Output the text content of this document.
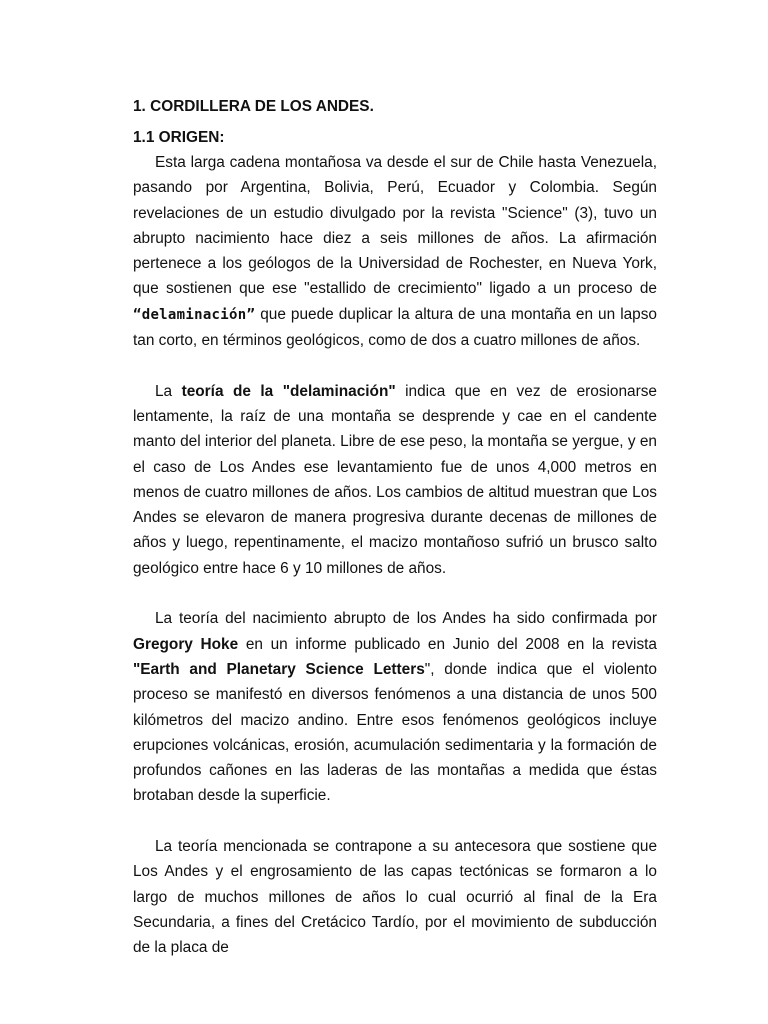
1. CORDILLERA DE LOS ANDES.

1.1 ORIGEN:

Esta larga cadena montañosa va desde el sur de Chile hasta Venezuela, pasando por Argentina, Bolivia, Perú, Ecuador y Colombia. Según revelaciones de un estudio divulgado por la revista "Science" (3), tuvo un abrupto nacimiento hace diez a seis millones de años. La afirmación pertenece a los geólogos de la Universidad de Rochester, en Nueva York, que sostienen que ese "estallido de crecimiento" ligado a un proceso de “delaminación” que puede duplicar la altura de una montaña en un lapso tan corto, en términos geológicos, como de dos a cuatro millones de años.

La teoría de la "delaminación" indica que en vez de erosionarse lentamente, la raíz de una montaña se desprende y cae en el candente manto del interior del planeta. Libre de ese peso, la montaña se yergue, y en el caso de Los Andes ese levantamiento fue de unos 4,000 metros en menos de cuatro millones de años. Los cambios de altitud muestran que Los Andes se elevaron de manera progresiva durante decenas de millones de años y luego, repentinamente, el macizo montañoso sufrió un brusco salto geológico entre hace 6 y 10 millones de años.

La teoría del nacimiento abrupto de los Andes ha sido confirmada por Gregory Hoke en un informe publicado en Junio del 2008 en la revista "Earth and Planetary Science Letters", donde indica que el violento proceso se manifestó en diversos fenómenos a una distancia de unos 500 kilómetros del macizo andino. Entre esos fenómenos geológicos incluye erupciones volcánicas, erosión, acumulación sedimentaria y la formación de profundos cañones en las laderas de las montañas a medida que éstas brotaban desde la superficie.

La teoría mencionada se contrapone a su antecesora que sostiene que Los Andes y el engrosamiento de las capas tectónicas se formaron a lo largo de muchos millones de años lo cual ocurrió al final de la Era Secundaria, a fines del Cretácico Tardío, por el movimiento de subducción de la placa de
